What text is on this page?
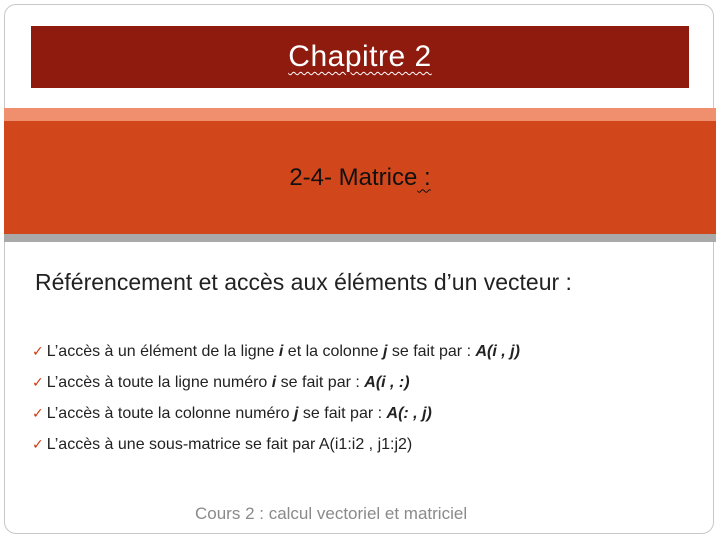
Chapitre 2
2-4- Matrice :
Référencement et accès aux éléments d’un vecteur :
✓ L’accès à un élément de la ligne i et la colonne j se fait par : A(i , j)
✓ L’accès à toute la ligne numéro i se fait par : A(i , :)
✓ L’accès à toute la colonne numéro j se fait par : A(: , j)
✓ L’accès à une sous-matrice se fait par A(i1:i2 , j1:j2)
Cours 2 : calcul vectoriel et matriciel
